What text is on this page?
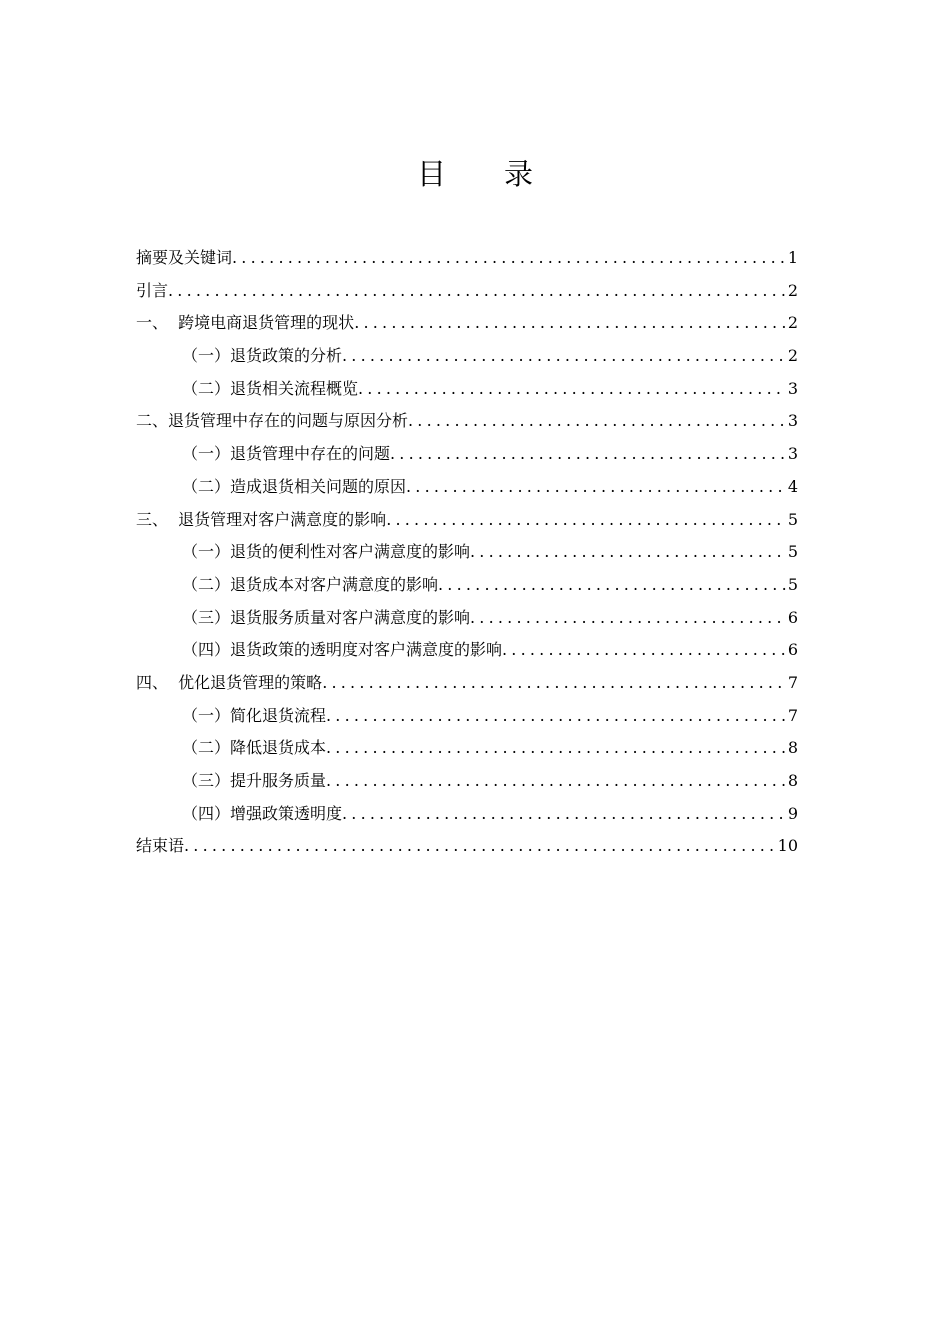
目录
摘要及关键词 .....	1
引言 .....	2
一、  跨境电商退货管理的现状 .....	2
（一）退货政策的分析 .....	2
（二）退货相关流程概览 .....	3
二、退货管理中存在的问题与原因分析 .....	3
（一）退货管理中存在的问题 .....	3
（二）造成退货相关问题的原因 .....	4
三、  退货管理对客户满意度的影响 .....	5
（一）退货的便利性对客户满意度的影响 .....	5
（二）退货成本对客户满意度的影响 .....	5
（三）退货服务质量对客户满意度的影响 .....	6
（四）退货政策的透明度对客户满意度的影响 .....	6
四、  优化退货管理的策略 .....	7
（一）简化退货流程 .....	7
（二）降低退货成本 .....	8
（三）提升服务质量 .....	8
（四）增强政策透明度 .....	9
结束语 .....	10
